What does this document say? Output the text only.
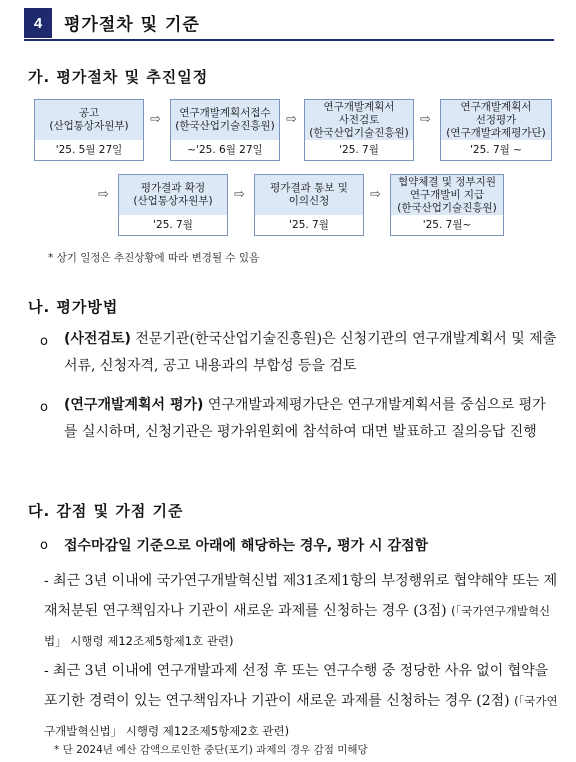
4	평가절차 및 기준
가. 평가절차 및 추진일정
공고
(산업통상자원부)
'25. 5월 27일
⇨	연구개발계획서접수
(한국산업기술진흥원)
~'25. 6월 27일
⇨
연구개발계획서
사전검토
(한국산업기술진흥원)
'25. 7월
⇨
연구개발계획서
선정평가
(연구개발과제평가단)
'25. 7월 ~
⇨	평가결과 확정
(산업통상자원부)
'25. 7월
⇨ 평가결과 통보 및
이의신청
'25. 7월
⇨
협약체결 및 정부지원
연구개발비 지급
(한국산업기술진흥원)
'25. 7월~
* 상기 일정은 추진상황에 따라 변경될 수 있음
나. 평가방법
o (사전검토) 전문기관(한국산업기술진흥원)은 신청기관의 연구개발계획서 및 제출서류, 신청자격, 공고 내용과의 부합성 등을 검토
o (연구개발계획서 평가) 연구개발과제평가단은 연구개발계획서를 중심으로 평가를 실시하며, 신청기관은 평가위원회에 참석하여 대면 발표하고 질의응답 진행
다. 감점 및 가점 기준
o 접수마감일 기준으로 아래에 해당하는 경우, 평가 시 감점함
- 최근 3년 이내에 국가연구개발혁신법 제31조제1항의 부정행위로 협약해약 또는 제재처분된 연구책임자나 기관이 새로운 과제를 신청하는 경우 (3점) (「국가연구개발혁신법」 시행령 제12조제5항제1호 관련)
- 최근 3년 이내에 연구개발과제 선정 후 또는 연구수행 중 정당한 사유 없이 협약을 포기한 경력이 있는 연구책임자나 기관이 새로운 과제를 신청하는 경우 (2점) (「국가연구개발혁신법」 시행령 제12조제5항제2호 관련)
* 단 2024년 예산 감액으로인한 중단(포기) 과제의 경우 감점 미해당
